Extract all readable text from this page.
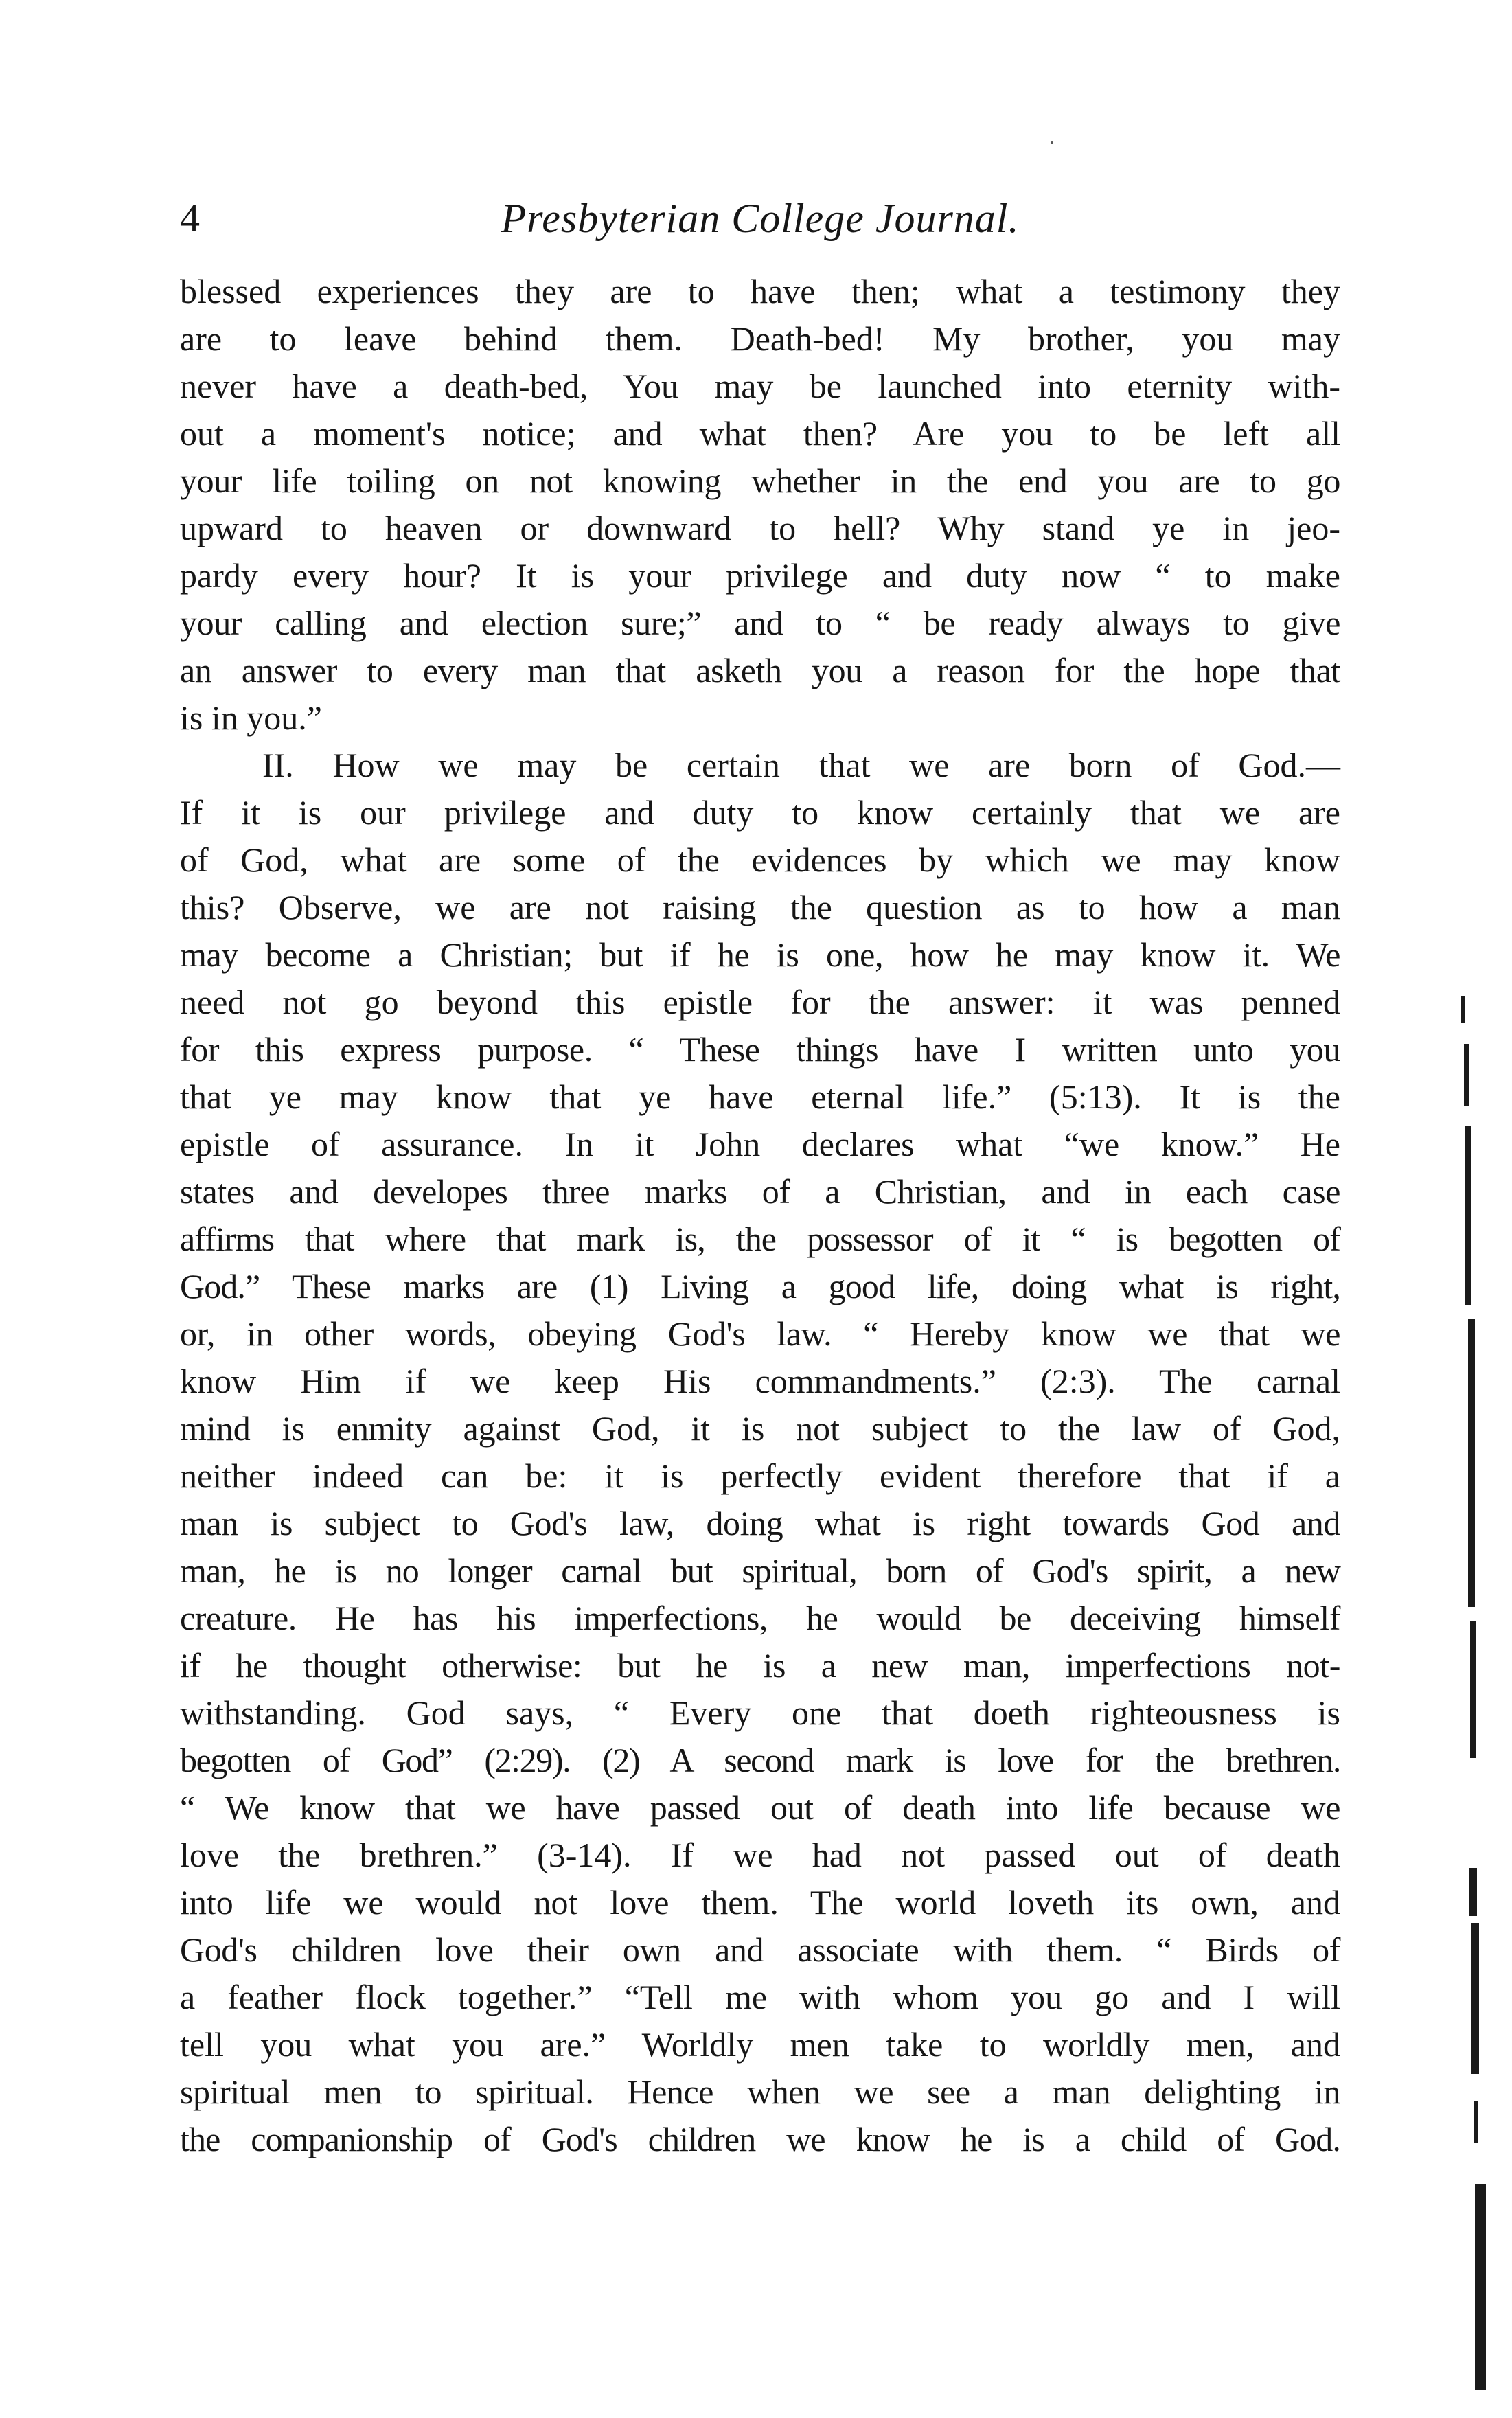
4	Presbyterian College Journal.
blessed experiences they are to have then; what a testimony they
are to leave behind them. Death-bed! My brother, you may
never have a death-bed, You may be launched into eternity with-
out a moment's notice; and what then? Are you to be left all
your life toiling on not knowing whether in the end you are to go
upward to heaven or downward to hell? Why stand ye in jeo-
pardy every hour? It is your privilege and duty now “ to make
your calling and election sure;” and to “ be ready always to give
an answer to every man that asketh you a reason for the hope that
is in you.”
II. How we may be certain that we are born of God.—
If it is our privilege and duty to know certainly that we are
of God, what are some of the evidences by which we may know
this? Observe, we are not raising the question as to how a man
may become a Christian; but if he is one, how he may know it. We
need not go beyond this epistle for the answer: it was penned
for this express purpose. “ These things have I written unto you
that ye may know that ye have eternal life.” (5:13). It is the
epistle of assurance. In it John declares what “we know.” He
states and developes three marks of a Christian, and in each case
affirms that where that mark is, the possessor of it “ is begotten of
God.” These marks are (1) Living a good life, doing what is right,
or, in other words, obeying God's law. “ Hereby know we that we
know Him if we keep His commandments.” (2:3). The carnal
mind is enmity against God, it is not subject to the law of God,
neither indeed can be: it is perfectly evident therefore that if a
man is subject to God's law, doing what is right towards God and
man, he is no longer carnal but spiritual, born of God's spirit, a new
creature. He has his imperfections, he would be deceiving himself
if he thought otherwise: but he is a new man, imperfections not-
withstanding. God says, “ Every one that doeth righteousness is
begotten of God” (2:29). (2) A second mark is love for the brethren.
“ We know that we have passed out of death into life because we
love the brethren.” (3-14). If we had not passed out of death
into life we would not love them. The world loveth its own, and
God's children love their own and associate with them. “ Birds of
a feather flock together.” “Tell me with whom you go and I will
tell you what you are.” Worldly men take to worldly men, and
spiritual men to spiritual. Hence when we see a man delighting in
the companionship of God's children we know he is a child of God.
